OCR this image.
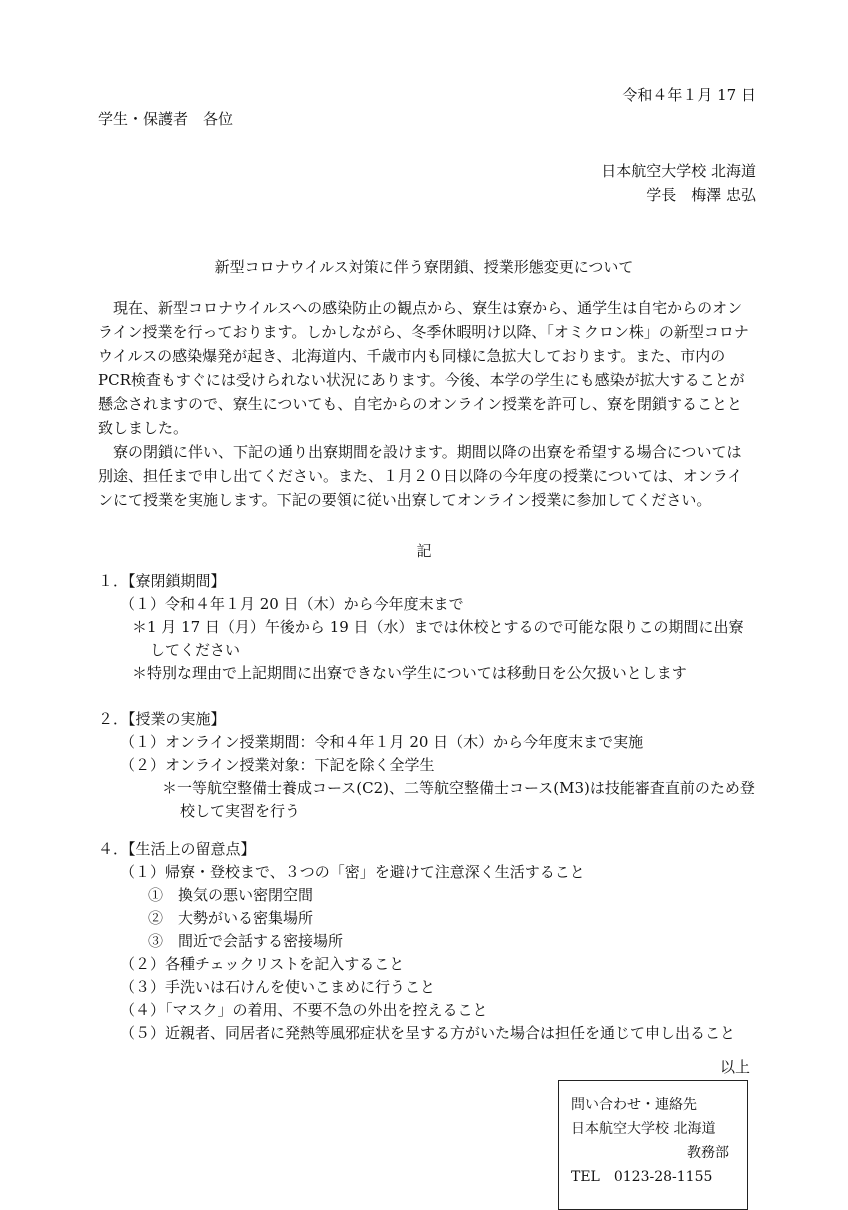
令和４年１月 17 日
学生・保護者　各位
日本航空大学校 北海道
学長　梅澤 忠弘
新型コロナウイルス対策に伴う寮閉鎖、授業形態変更について

現在、新型コロナウイルスへの感染防止の観点から、寮生は寮から、通学生は自宅からのオンライン授業を行っております。しかしながら、冬季休暇明け以降、「オミクロン株」の新型コロナウイルスの感染爆発が起き、北海道内、千歳市内も同様に急拡大しております。また、市内のPCR検査もすぐには受けられない状況にあります。今後、本学の学生にも感染が拡大することが懸念されますので、寮生についても、自宅からのオンライン授業を許可し、寮を閉鎖することと致しました。

寮の閉鎖に伴い、下記の通り出寮期間を設けます。期間以降の出寮を希望する場合については別途、担任まで申し出てください。また、１月２０日以降の今年度の授業については、オンラインにて授業を実施します。下記の要領に従い出寮してオンライン授業に参加してください。

記
１．【寮閉鎖期間】
（１）令和４年１月 20 日（木）から今年度末まで
＊1 月 17 日（月）午後から 19 日（水）までは休校とするので可能な限りこの期間に出寮してください
＊特別な理由で上記期間に出寮できない学生については移動日を公欠扱いとします
２．【授業の実施】
（１）オンライン授業期間：令和４年１月 20 日（木）から今年度末まで実施
（２）オンライン授業対象：下記を除く全学生
＊一等航空整備士養成コース(C2)、二等航空整備士コース(M3)は技能審査直前のため登校して実習を行う
４．【生活上の留意点】
（１）帰寮・登校まで、３つの「密」を避けて注意深く生活すること
①　換気の悪い密閉空間
②　大勢がいる密集場所
③　間近で会話する密接場所
（２）各種チェックリストを記入すること
（３）手洗いは石けんを使いこまめに行うこと
（４）「マスク」の着用、不要不急の外出を控えること
（５）近親者、同居者に発熱等風邪症状を呈する方がいた場合は担任を通じて申し出ること
以上
問い合わせ・連絡先
日本航空大学校 北海道
教務部
TEL　0123-28-1155
